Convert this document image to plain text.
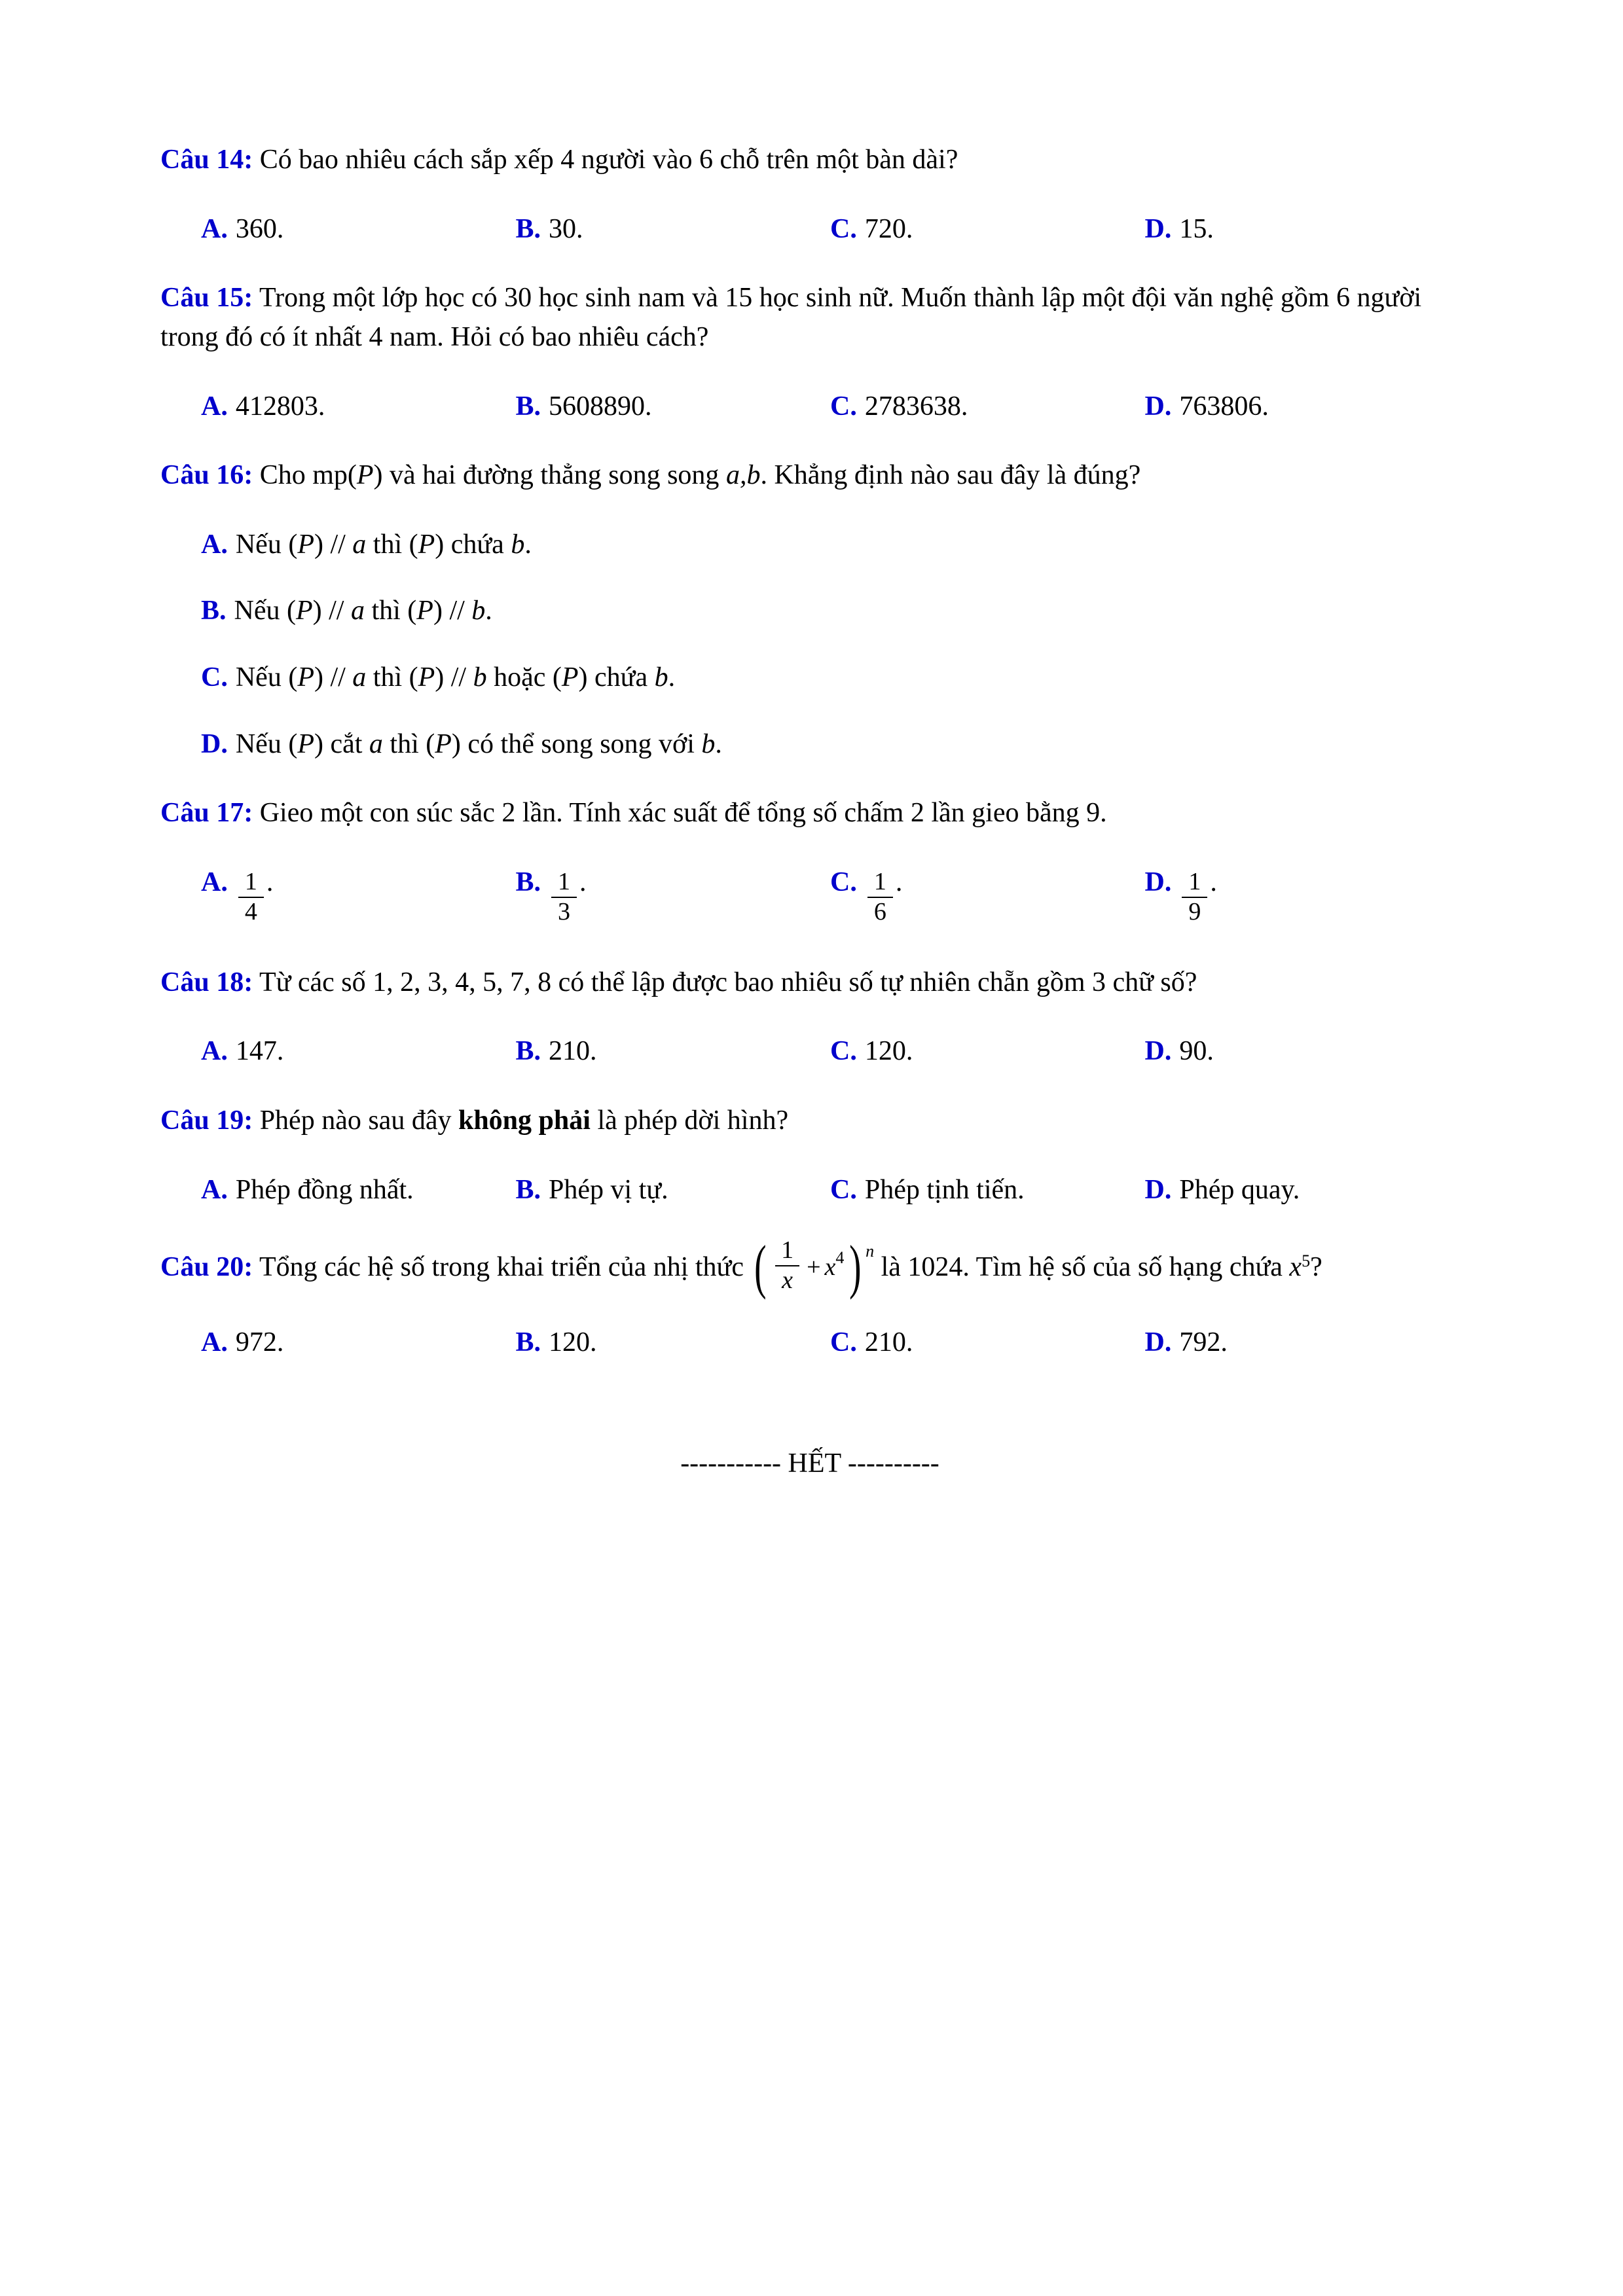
Câu 14: Có bao nhiêu cách sắp xếp 4 người vào 6 chỗ trên một bàn dài?

A. 360.	B. 30.	C. 720.	D. 15.

Câu 15: Trong một lớp học có 30 học sinh nam và 15 học sinh nữ. Muốn thành lập một đội văn nghệ gồm 6 người trong đó có ít nhất 4 nam. Hỏi có bao nhiêu cách?

A. 412803.	B. 5608890.	C. 2783638.	D. 763806.

Câu 16: Cho mp(P) và hai đường thẳng song song a,b. Khẳng định nào sau đây là đúng?

A. Nếu (P) // a thì (P) chứa b.
B. Nếu (P) // a thì (P) // b.
C. Nếu (P) // a thì (P) // b hoặc (P) chứa b.
D. Nếu (P) cắt a thì (P) có thể song song với b.

Câu 17: Gieo một con súc sắc 2 lần. Tính xác suất để tổng số chấm 2 lần gieo bằng 9.

A. $\frac{1}{4}$ .	B. $\frac{1}{3}$ .	C. $\frac{1}{6}$ .	D. $\frac{1}{9}$ .

Câu 18: Từ các số 1, 2, 3, 4, 5, 7, 8 có thể lập được bao nhiêu số tự nhiên chẵn gồm 3 chữ số?

A. 147.	B. 210.	C. 120.	D. 90.

Câu 19: Phép nào sau đây không phải là phép dời hình?

A. Phép đồng nhất.	B. Phép vị tự.	C. Phép tịnh tiến.	D. Phép quay.

Câu 20: Tổng các hệ số trong khai triển của nhị thức ( $\frac{1}{x} + x$ 4 ) n
là 1024. Tìm hệ số của số hạng chứa $x^5$?

A. 972.	B. 120.	C. 210.	D. 792.
----------- HẾT ----------
